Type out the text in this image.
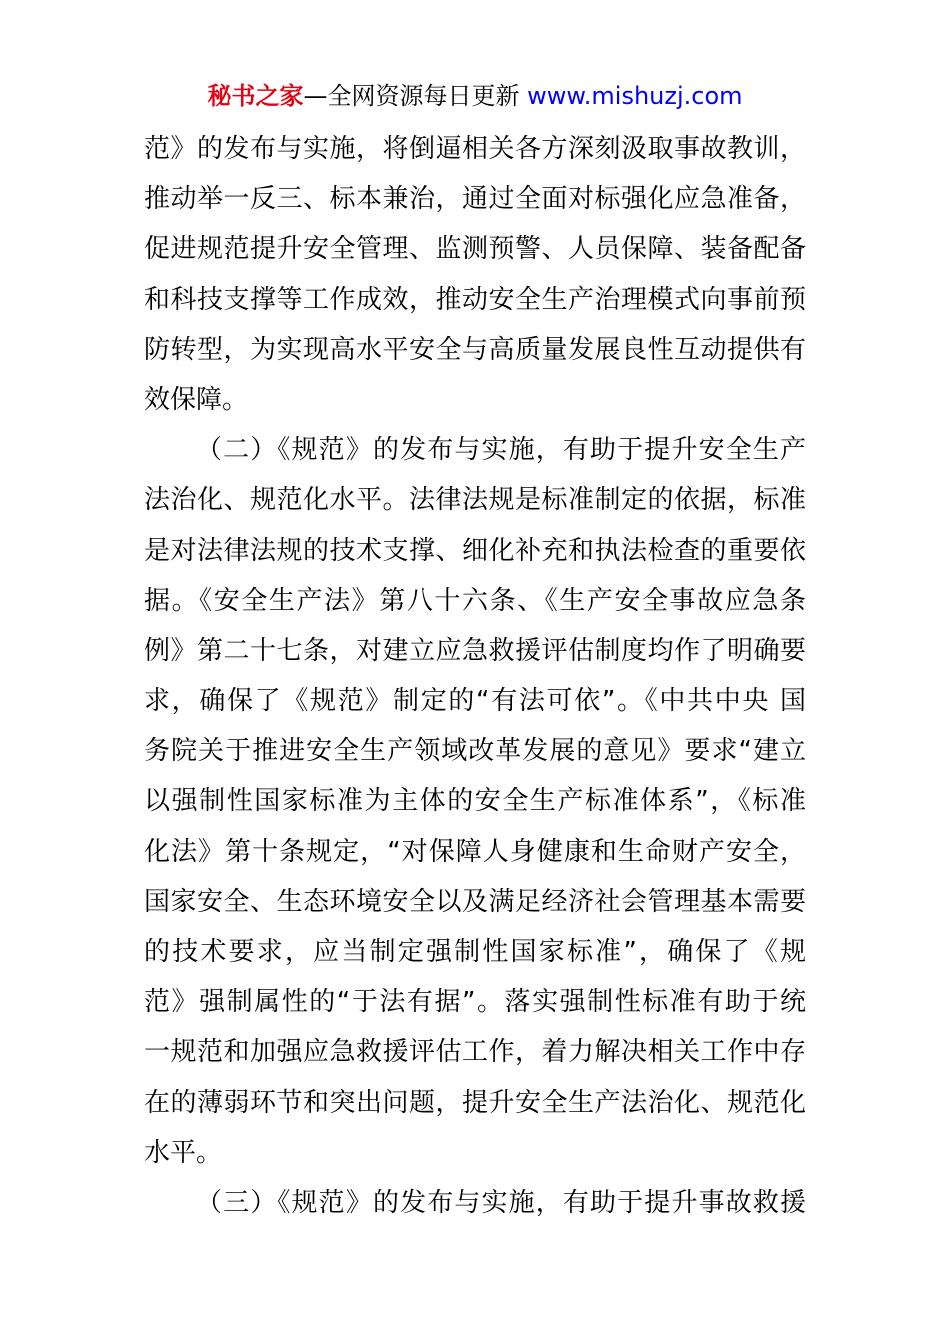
秘书之家—全网资源每日更新 www.mishuzj.com
范》的发布与实施，将倒逼相关各方深刻汲取事故教训，
推动举一反三、标本兼治，通过全面对标强化应急准备，
促进规范提升安全管理、监测预警、人员保障、装备配备
和科技支撑等工作成效，推动安全生产治理模式向事前预
防转型，为实现高水平安全与高质量发展良性互动提供有
效保障。
（二）《规范》的发布与实施，有助于提升安全生产
法治化、规范化水平。法律法规是标准制定的依据，标准
是对法律法规的技术支撑、细化补充和执法检查的重要依
据。《安全生产法》第八十六条、《生产安全事故应急条
例》第二十七条，对建立应急救援评估制度均作了明确要
求，确保了《规范》制定的“有法可依”。《中共中央 国
务院关于推进安全生产领域改革发展的意见》要求“建立
以强制性国家标准为主体的安全生产标准体系”，《标准
化法》第十条规定，“对保障人身健康和生命财产安全，
国家安全、生态环境安全以及满足经济社会管理基本需要
的技术要求，应当制定强制性国家标准”，确保了《规
范》强制属性的“于法有据”。落实强制性标准有助于统
一规范和加强应急救援评估工作，着力解决相关工作中存
在的薄弱环节和突出问题，提升安全生产法治化、规范化
水平。
（三）《规范》的发布与实施，有助于提升事故救援
